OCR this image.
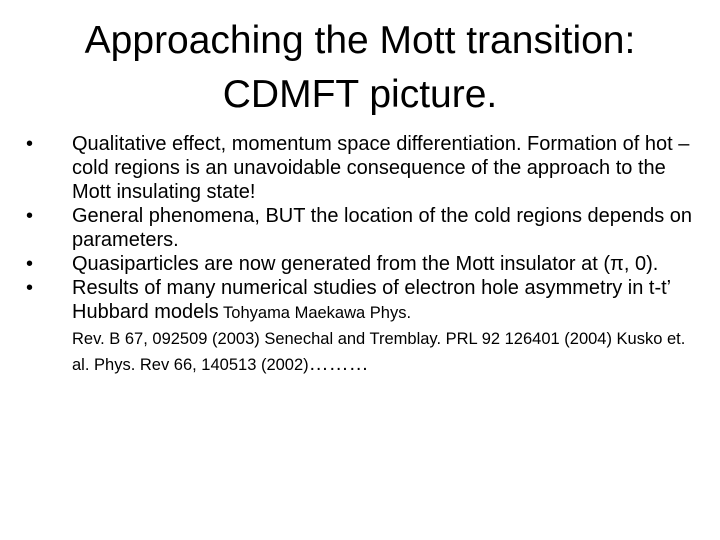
Approaching the Mott transition:
CDMFT picture.
•	Qualitative effect, momentum space differentiation. Formation of hot –cold regions is an unavoidable consequence of the approach to the Mott insulating state!
•	General phenomena, BUT the location of the cold regions depends on parameters.
•	Quasiparticles are now generated from the Mott insulator at (π, 0).
•	Results of many numerical studies of electron hole asymmetry in t-t’ Hubbard models Tohyama Maekawa Phys.
Rev. B 67, 092509 (2003) Senechal and Tremblay. PRL 92 126401 (2004) Kusko et. al. Phys. Rev 66, 140513 (2002)………
